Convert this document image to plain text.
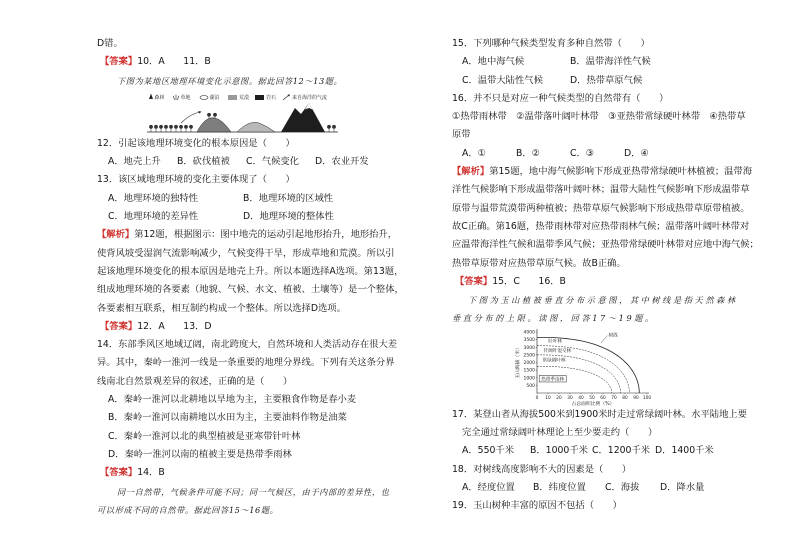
D错。
【答案】10．A　　11．B
下图为某地区地理环境变化示意图。据此回答12～13题。
森林	草地	湖泊	荒漠	岩石	来自海洋的气流
12．引起该地理环境变化的根本原因是（　　）
A．地壳上升 B．砍伐植被 C．气候变化 D．农业开发
13．该区域地理环境的变化主要体现了（　　）
A．地理环境的独特性	B．地理环境的区域性
C．地理环境的差异性	D．地理环境的整体性
【解析】第12题，根据图示：图中地壳的运动引起地形抬升，地形抬升，
使背风坡受湿润气流影响减少，气候变得干旱，形成草地和荒漠。所以引
起该地理环境变化的根本原因是地壳上升。所以本题选择A选项。第13题，
组成地理环境的各要素（地貌、气候、水文、植被、土壤等）是一个整体，
各要素相互联系，相互制约构成一个整体。所以选择D选项。
【答案】12．A　　13．D
14．东部季风区地域辽阔，南北跨度大，自然环境和人类活动存在很大差
异。其中，秦岭一淮河一线是一条重要的地理分界线。下列有关这条分界
线南北自然景观差异的叙述，正确的是（　　）
A．秦岭一淮河以北耕地以旱地为主，主要粮食作物是春小麦
B．秦岭一淮河以南耕地以水田为主，主要油料作物是油菜
C．秦岭一淮河以北的典型植被是亚寒带针叶林
D．秦岭一淮河以南的植被主要是热带季雨林
【答案】14．B
同一自然带，气候条件可能不同；同一气候区，由于内部的差异性，也
可以形成不同的自然带。据此回答15～16题。
15．下列哪种气候类型发育多种自然带（　　）
A．地中海气候	B．温带海洋性气候
C．温带大陆性气候	D．热带草原气候
16．并不只是对应一种气候类型的自然带有（　　）
①热带雨林带　②温带落叶阔叶林带　③亚热带常绿硬叶林带　④热带草
原带
A．①	B．②	C．③	D．④
【解析】第15题，地中海气候影响下形成亚热带常绿硬叶林植被；温带海
洋性气候影响下形成温带落叶阔叶林；温带大陆性气候影响下形成温带草
原带与温带荒漠带两种植被；热带草原气候影响下形成热带草原带植被。
故C正确。第16题，热带雨林带对应热带雨林气候；温带落叶阔叶林带对
应温带海洋性气候和温带季风气候；亚热带常绿硬叶林带对应地中海气候；
热带草原带对应热带草原气候。故B正确。
【答案】15．C　　16．B
下图为玉山植被垂直分布示意图，其中树线是指天然森林
垂直分布的上限。读图，回答17～19题。
玉山海拔（米）
占总面积比例（%）
4000
3500
3000
2500
2000
1500
1000
500
0 10 20 30 40 50 60 70 80 90 100
树线
针叶林
针阔叶混交林
常绿阔叶林
热带季雨林
17．某登山者从海拔500米到1900米时走过常绿阔叶林。水平陆地上要
完全通过常绿阔叶林理论上至少要走约（　　）
A．550千米 B．1000千米 C．1200千米 D．1400千米
18．对树线高度影响不大的因素是（　　）
A．经度位置 B．纬度位置 C．海拔 D．降水量
19．玉山树种丰富的原因不包括（　　）
